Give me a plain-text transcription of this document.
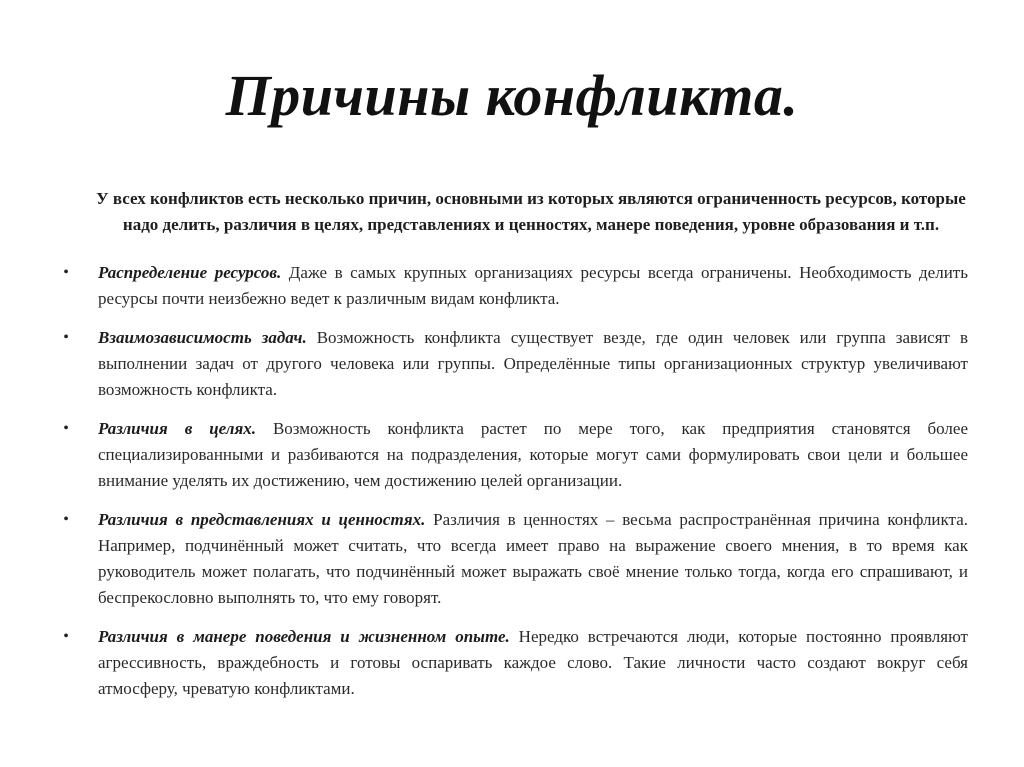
Причины конфликта.

У всех конфликтов есть несколько причин, основными из которых являются ограниченность ресурсов, которые надо делить, различия в целях, представлениях и ценностях, манере поведения, уровне образования и т.п.

•	Распределение ресурсов. Даже в самых крупных организациях ресурсы всегда ограничены. Необходимость делить ресурсы почти неизбежно ведет к различным видам конфликта.
•	Взаимозависимость задач. Возможность конфликта существует везде, где один человек или группа зависят в выполнении задач от другого человека или группы. Определённые типы организационных структур увеличивают возможность конфликта.
•	Различия в целях. Возможность конфликта растет по мере того, как предприятия становятся более специализированными и разбиваются на подразделения, которые могут сами формулировать свои цели и большее внимание уделять их достижению, чем достижению целей организации.
•	Различия в представлениях и ценностях. Различия в ценностях – весьма распространённая причина конфликта. Например, подчинённый может считать, что всегда имеет право на выражение своего мнения, в то время как руководитель может полагать, что подчинённый может выражать своё мнение только тогда, когда его спрашивают, и беспрекословно выполнять то, что ему говорят.
•	Различия в манере поведения и жизненном опыте. Нередко встречаются люди, которые постоянно проявляют агрессивность, враждебность и готовы оспаривать каждое слово. Такие личности часто создают вокруг себя атмосферу, чреватую конфликтами.
